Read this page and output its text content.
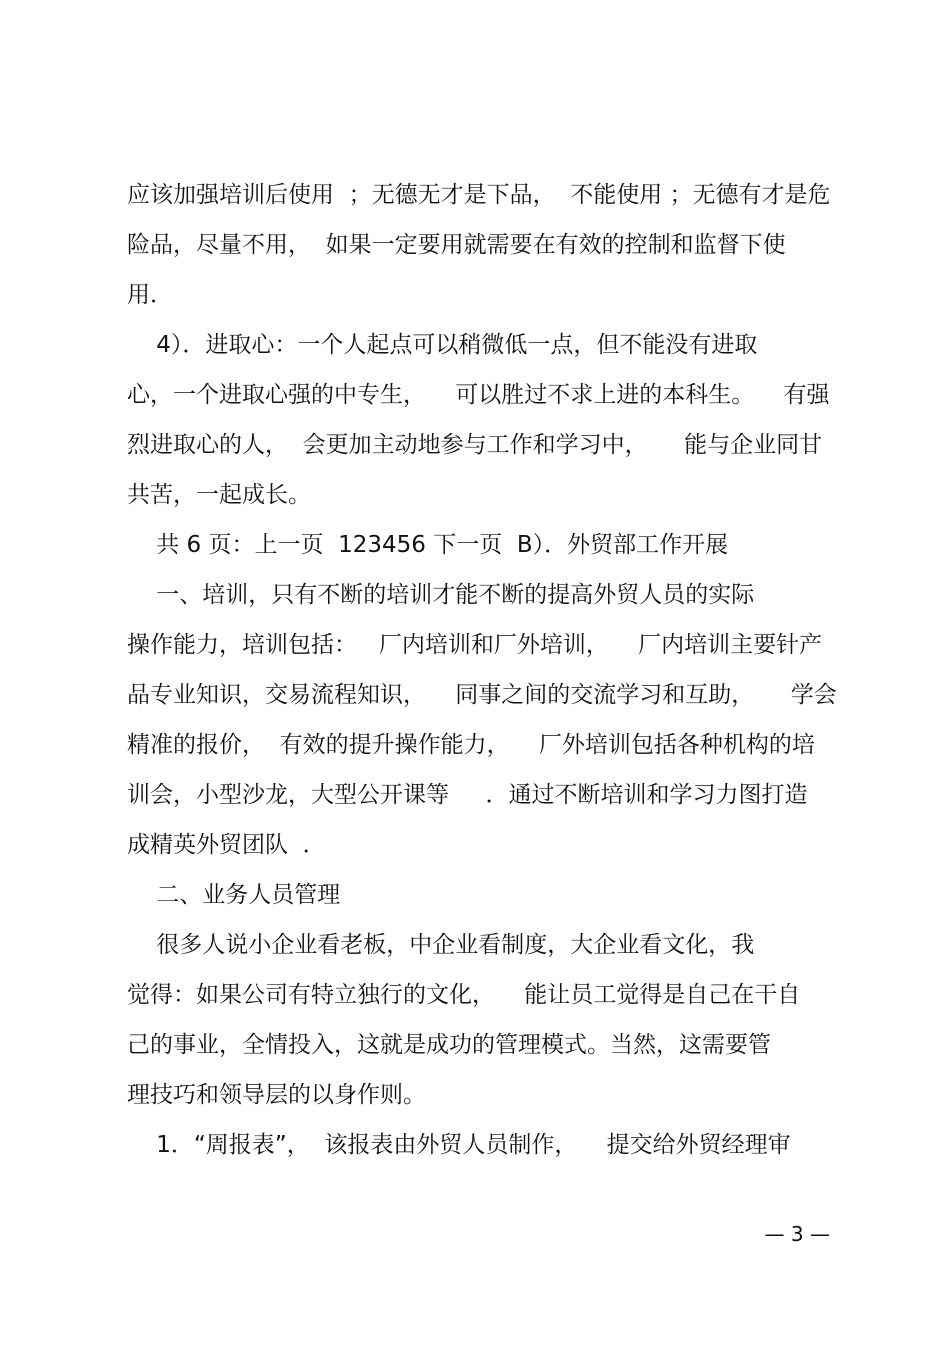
应该加强培训后使用  ；无德无才是下品，  不能使用 ；无德有才是危
险品，尽量不用，  如果一定要用就需要在有效的控制和监督下使
用．
4）．进取心：一个人起点可以稍微低一点，但不能没有进取
心，一个进取心强的中专生，    可以胜过不求上进的本科生。    有强
烈进取心的人，  会更加主动地参与工作和学习中，     能与企业同甘
共苦，一起成长。
共 6 页：上一页  123456 下一页  B）．外贸部工作开展
一、培训，只有不断的培训才能不断的提高外贸人员的实际
操作能力，培训包括：   厂内培训和厂外培训，    厂内培训主要针产
品专业知识，交易流程知识，    同事之间的交流学习和互助，     学会
精准的报价，  有效的提升操作能力，    厂外培训包括各种机构的培
训会，小型沙龙，大型公开课等     ．通过不断培训和学习力图打造
成精英外贸团队  ．
二、业务人员管理
很多人说小企业看老板，中企业看制度，大企业看文化，我
觉得：如果公司有特立独行的文化，    能让员工觉得是自己在干自
己的事业，全情投入，这就是成功的管理模式。当然，这需要管
理技巧和领导层的以身作则。
1．“周报表”，  该报表由外贸人员制作，    提交给外贸经理审
— 3 —
